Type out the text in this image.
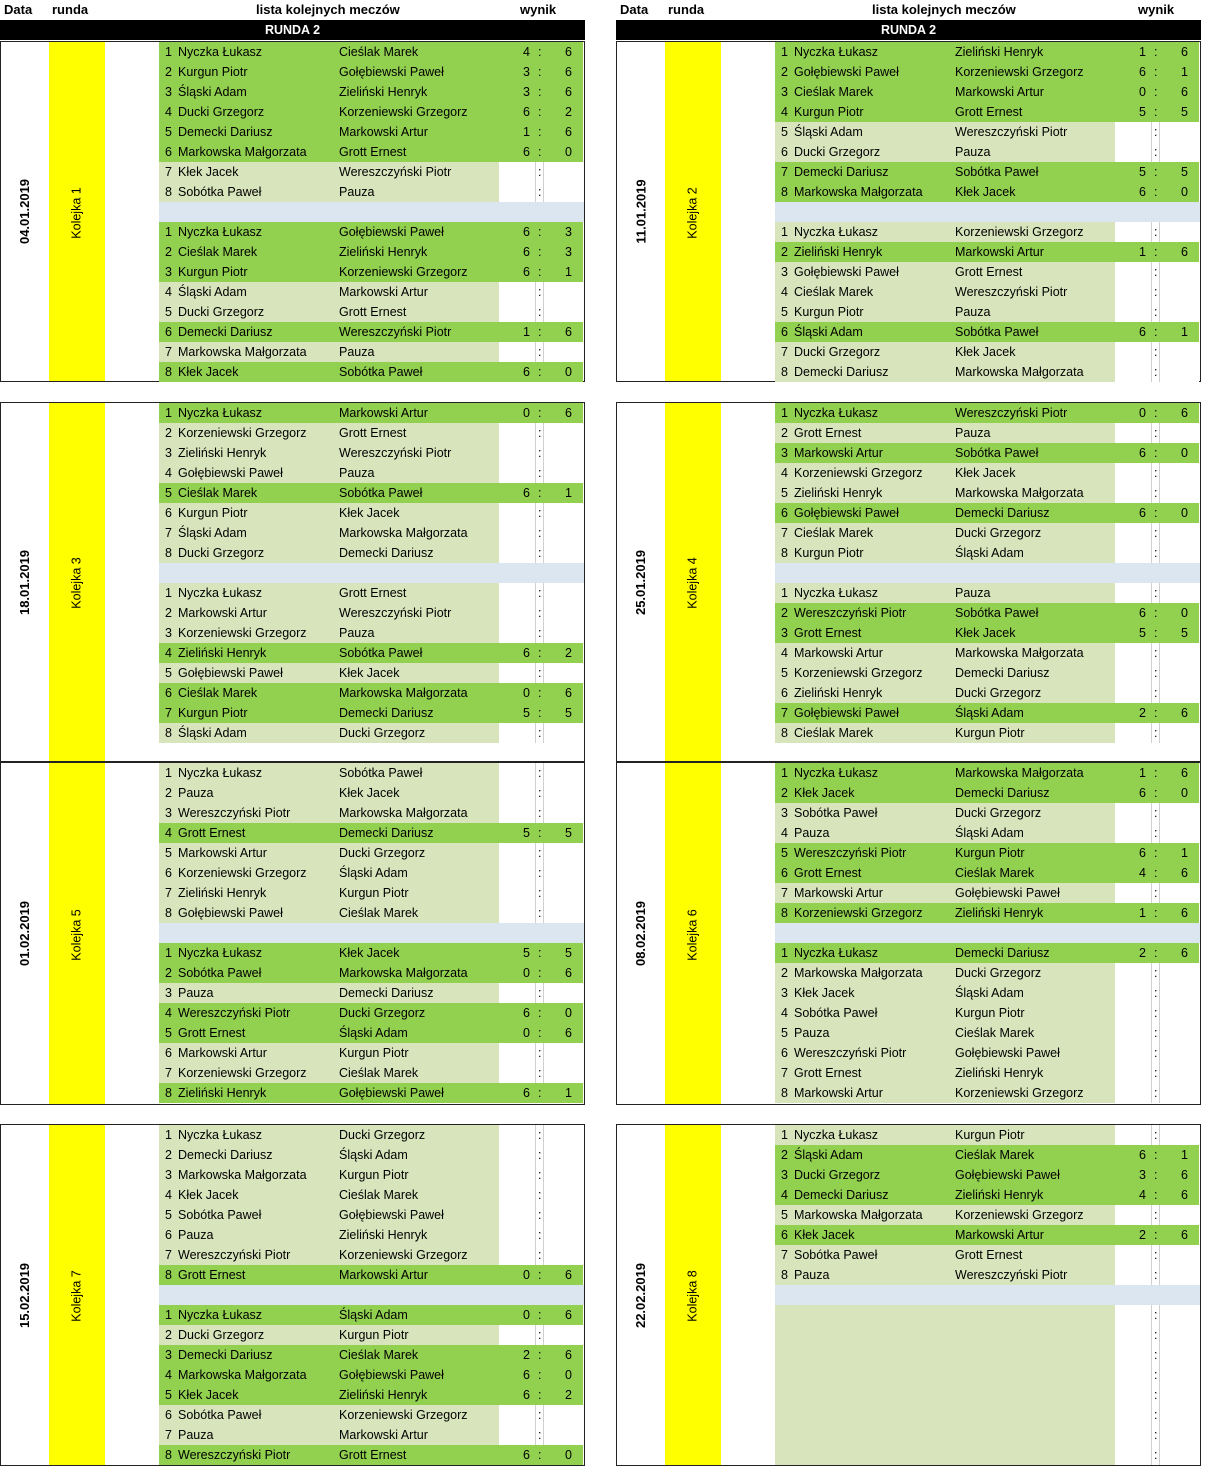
Data runda	lista kolejnych meczów	wynik	Data runda	lista kolejnych meczów	wynik
RUNDA 2	RUNDA 2
04.01.2019	Kolejka 1
1 Nyczka Łukasz	Cieślak Marek	4 :	6
2 Kurgun Piotr	Gołębiewski Paweł	3 :	6
3 Śląski Adam	Zieliński Henryk	3 :	6
4 Ducki Grzegorz	Korzeniewski Grzegorz	6 :	2
5 Demecki Dariusz	Markowski Artur	1 :	6
6 Markowska Małgorzata	Grott Ernest	6 :	0
7 Kłek Jacek	Wereszczyński Piotr	:
8 Sobótka Paweł	Pauza	:
1 Nyczka Łukasz	Gołębiewski Paweł	6 :	3
2 Cieślak Marek	Zieliński Henryk	6 :	3
3 Kurgun Piotr	Korzeniewski Grzegorz	6 :	1
4 Śląski Adam	Markowski Artur	:
5 Ducki Grzegorz	Grott Ernest	:
6 Demecki Dariusz	Wereszczyński Piotr	1 :	6
7 Markowska Małgorzata	Pauza	:
8 Kłek Jacek	Sobótka Paweł	6 :	0
11.01.2019	Kolejka 2
1 Nyczka Łukasz	Zieliński Henryk	1 :	6
2 Gołębiewski Paweł	Korzeniewski Grzegorz	6 :	1
3 Cieślak Marek	Markowski Artur	0 :	6
4 Kurgun Piotr	Grott Ernest	5 :	5
5 Śląski Adam	Wereszczyński Piotr	:
6 Ducki Grzegorz	Pauza	:
7 Demecki Dariusz	Sobótka Paweł	5 :	5
8 Markowska Małgorzata	Kłek Jacek	6 :	0
1 Nyczka Łukasz	Korzeniewski Grzegorz	:
2 Zieliński Henryk	Markowski Artur	1 :	6
3 Gołębiewski Paweł	Grott Ernest	:
4 Cieślak Marek	Wereszczyński Piotr	:
5 Kurgun Piotr	Pauza	:
6 Śląski Adam	Sobótka Paweł	6 :	1
7 Ducki Grzegorz	Kłek Jacek	:
8 Demecki Dariusz	Markowska Małgorzata	:
18.01.2019	Kolejka 3
1 Nyczka Łukasz	Markowski Artur	0 :	6
2 Korzeniewski Grzegorz	Grott Ernest	:
3 Zieliński Henryk	Wereszczyński Piotr	:
4 Gołębiewski Paweł	Pauza	:
5 Cieślak Marek	Sobótka Paweł	6 :	1
6 Kurgun Piotr	Kłek Jacek	:
7 Śląski Adam	Markowska Małgorzata	:
8 Ducki Grzegorz	Demecki Dariusz	:
1 Nyczka Łukasz	Grott Ernest	:
2 Markowski Artur	Wereszczyński Piotr	:
3 Korzeniewski Grzegorz	Pauza	:
4 Zieliński Henryk	Sobótka Paweł	6 :	2
5 Gołębiewski Paweł	Kłek Jacek	:
6 Cieślak Marek	Markowska Małgorzata	0 :	6
7 Kurgun Piotr	Demecki Dariusz	5 :	5
8 Śląski Adam	Ducki Grzegorz	:
25.01.2019	Kolejka 4
1 Nyczka Łukasz	Wereszczyński Piotr	0 :	6
2 Grott Ernest	Pauza	:
3 Markowski Artur	Sobótka Paweł	6 :	0
4 Korzeniewski Grzegorz	Kłek Jacek	:
5 Zieliński Henryk	Markowska Małgorzata	:
6 Gołębiewski Paweł	Demecki Dariusz	6 :	0
7 Cieślak Marek	Ducki Grzegorz	:
8 Kurgun Piotr	Śląski Adam	:
1 Nyczka Łukasz	Pauza	:
2 Wereszczyński Piotr	Sobótka Paweł	6 :	0
3 Grott Ernest	Kłek Jacek	5 :	5
4 Markowski Artur	Markowska Małgorzata	:
5 Korzeniewski Grzegorz	Demecki Dariusz	:
6 Zieliński Henryk	Ducki Grzegorz	:
7 Gołębiewski Paweł	Śląski Adam	2 :	6
8 Cieślak Marek	Kurgun Piotr	:
01.02.2019	Kolejka 5
1 Nyczka Łukasz	Sobótka Paweł	:
2 Pauza	Kłek Jacek	:
3 Wereszczyński Piotr	Markowska Małgorzata	:
4 Grott Ernest	Demecki Dariusz	5 :	5
5 Markowski Artur	Ducki Grzegorz	:
6 Korzeniewski Grzegorz	Śląski Adam	:
7 Zieliński Henryk	Kurgun Piotr	:
8 Gołębiewski Paweł	Cieślak Marek	:
1 Nyczka Łukasz	Kłek Jacek	5 :	5
2 Sobótka Paweł	Markowska Małgorzata	0 :	6
3 Pauza	Demecki Dariusz	:
4 Wereszczyński Piotr	Ducki Grzegorz	6 :	0
5 Grott Ernest	Śląski Adam	0 :	6
6 Markowski Artur	Kurgun Piotr	:
7 Korzeniewski Grzegorz	Cieślak Marek	:
8 Zieliński Henryk	Gołębiewski Paweł	6 :	1
08.02.2019	Kolejka 6
1 Nyczka Łukasz	Markowska Małgorzata	1 :	6
2 Kłek Jacek	Demecki Dariusz	6 :	0
3 Sobótka Paweł	Ducki Grzegorz	:
4 Pauza	Śląski Adam	:
5 Wereszczyński Piotr	Kurgun Piotr	6 :	1
6 Grott Ernest	Cieślak Marek	4 :	6
7 Markowski Artur	Gołębiewski Paweł	:
8 Korzeniewski Grzegorz	Zieliński Henryk	1 :	6
1 Nyczka Łukasz	Demecki Dariusz	2 :	6
2 Markowska Małgorzata	Ducki Grzegorz	:
3 Kłek Jacek	Śląski Adam	:
4 Sobótka Paweł	Kurgun Piotr	:
5 Pauza	Cieślak Marek	:
6 Wereszczyński Piotr	Gołębiewski Paweł	:
7 Grott Ernest	Zieliński Henryk	:
8 Markowski Artur	Korzeniewski Grzegorz	:
15.02.2019	Kolejka 7
1 Nyczka Łukasz	Ducki Grzegorz	:
2 Demecki Dariusz	Śląski Adam	:
3 Markowska Małgorzata	Kurgun Piotr	:
4 Kłek Jacek	Cieślak Marek	:
5 Sobótka Paweł	Gołębiewski Paweł	:
6 Pauza	Zieliński Henryk	:
7 Wereszczyński Piotr	Korzeniewski Grzegorz	:
8 Grott Ernest	Markowski Artur	0 :	6
1 Nyczka Łukasz	Śląski Adam	0 :	6
2 Ducki Grzegorz	Kurgun Piotr	:
3 Demecki Dariusz	Cieślak Marek	2 :	6
4 Markowska Małgorzata	Gołębiewski Paweł	6 :	0
5 Kłek Jacek	Zieliński Henryk	6 :	2
6 Sobótka Paweł	Korzeniewski Grzegorz	:
7 Pauza	Markowski Artur	:
8 Wereszczyński Piotr	Grott Ernest	6 :	0
22.02.2019	Kolejka 8
1 Nyczka Łukasz	Kurgun Piotr	:
2 Śląski Adam	Cieślak Marek	6 :	1
3 Ducki Grzegorz	Gołębiewski Paweł	3 :	6
4 Demecki Dariusz	Zieliński Henryk	4 :	6
5 Markowska Małgorzata	Korzeniewski Grzegorz	:
6 Kłek Jacek	Markowski Artur	2 :	6
7 Sobótka Paweł	Grott Ernest	:
8 Pauza	Wereszczyński Piotr	:
:
:
:
:
:
:
:
:
